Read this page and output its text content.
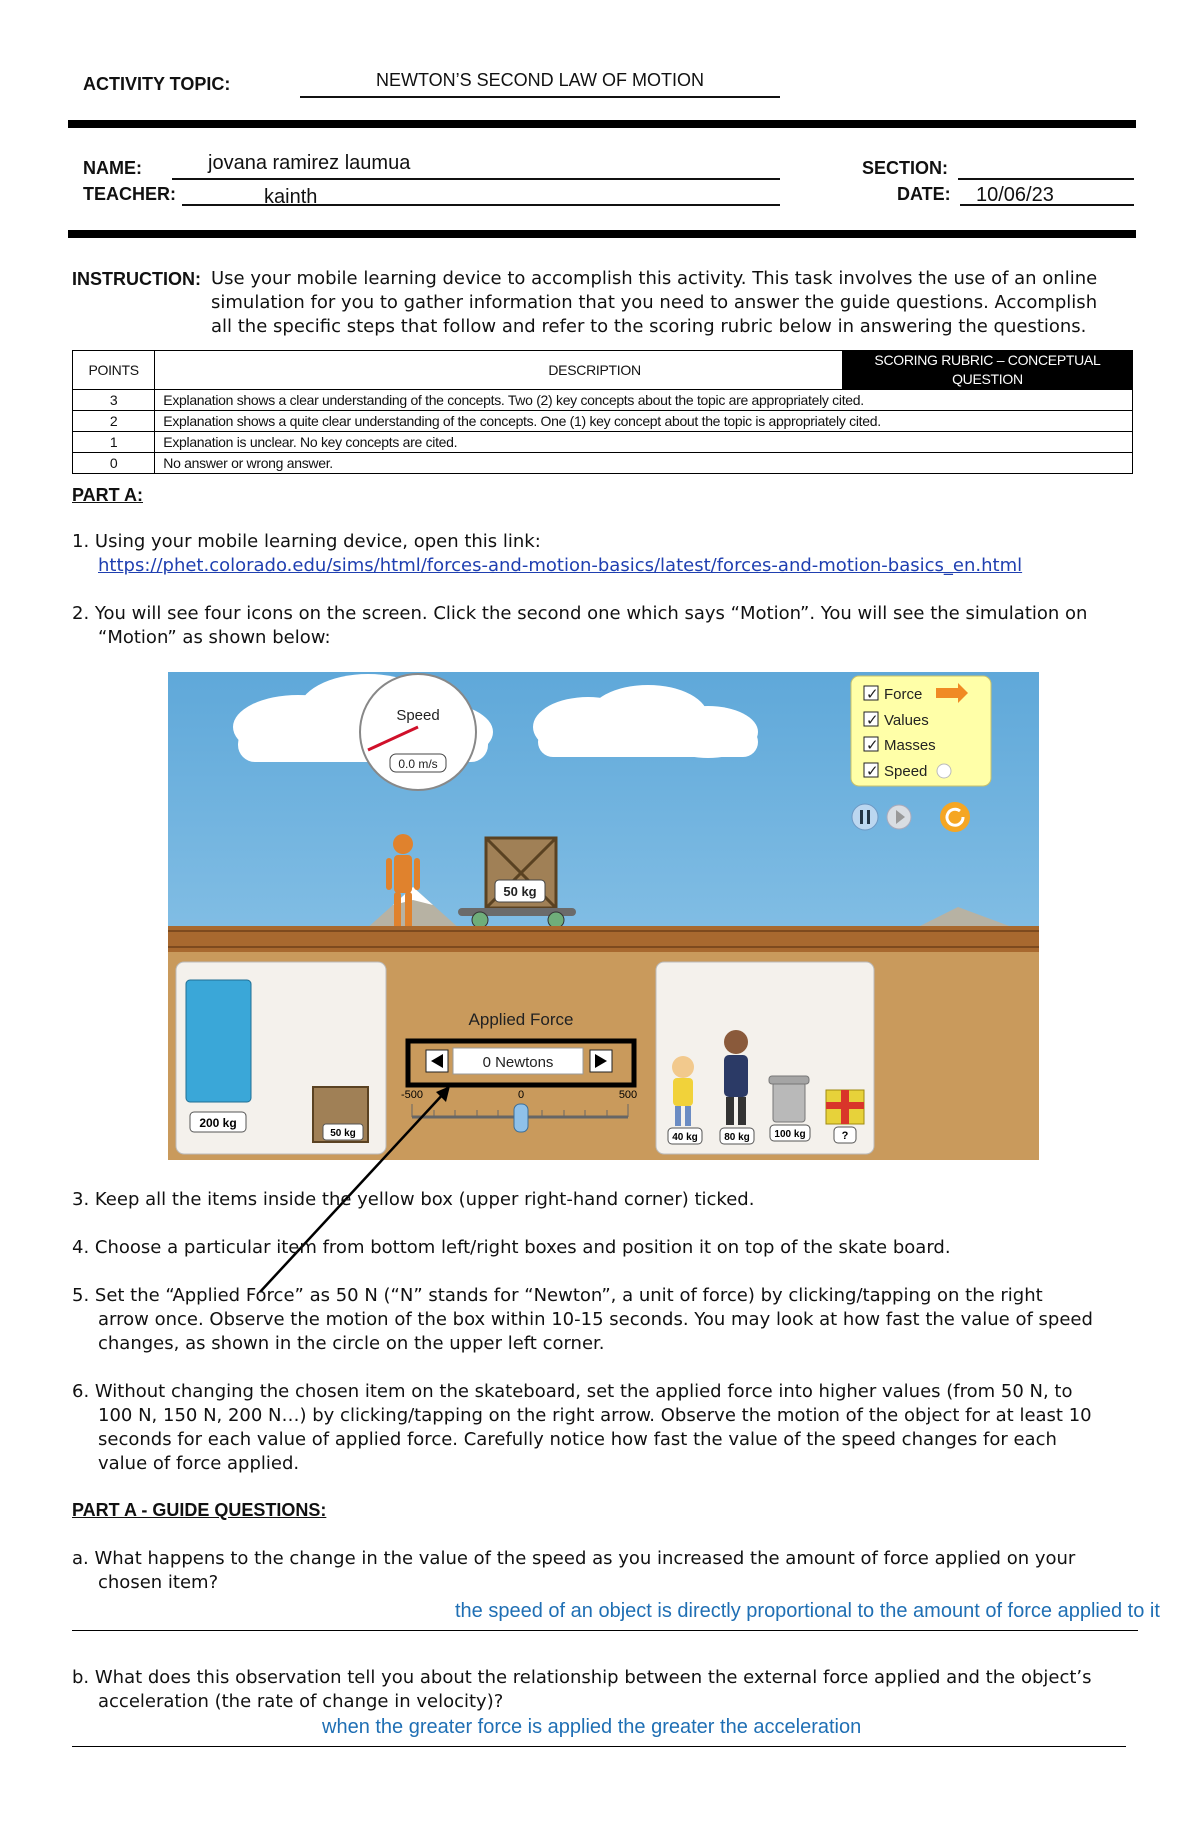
ACTIVITY TOPIC:	NEWTON’S SECOND LAW OF MOTION
NAME:	jovana ramirez laumua
TEACHER:	kainth
SECTION:
DATE: 10/06/23
INSTRUCTION: Use your mobile learning device to accomplish this activity. This task involves the use of an online
simulation for you to gather information that you need to answer the guide questions. Accomplish
all the specific steps that follow and refer to the scoring rubric below in answering the questions.
POINTS	DESCRIPTION	SCORING RUBRIC – CONCEPTUAL QUESTION
3	Explanation shows a clear understanding of the concepts. Two (2) key concepts about the topic are appropriately cited.	
2	Explanation shows a quite clear understanding of the concepts. One (1) key concept about the topic is appropriately cited.	
1	Explanation is unclear. No key concepts are cited.	
0	No answer or wrong answer.	
PART A:
1. Using your mobile learning device, open this link:
https://phet.colorado.edu/sims/html/forces-and-motion-basics/latest/forces-and-motion-basics_en.html
2. You will see four icons on the screen. Click the second one which says “Motion”. You will see the simulation on
“Motion” as shown below:
Speed
0.0 m/s
✓ Force
✓ Values
✓ Masses
✓ Speed
50 kg
200 kg
50 kg
Applied Force
0 Newtons
-500	0	500
40 kg	80 kg 100 kg	?
3. Keep all the items inside the yellow box (upper right-hand corner) ticked.
4. Choose a particular item from bottom left/right boxes and position it on top of the skate board.
5. Set the “Applied Force” as 50 N (“N” stands for “Newton”, a unit of force) by clicking/tapping on the right
arrow once. Observe the motion of the box within 10-15 seconds. You may look at how fast the value of speed
changes, as shown in the circle on the upper left corner.
6. Without changing the chosen item on the skateboard, set the applied force into higher values (from 50 N, to
100 N, 150 N, 200 N…) by clicking/tapping on the right arrow. Observe the motion of the object for at least 10
seconds for each value of applied force. Carefully notice how fast the value of the speed changes for each
value of force applied.
PART A - GUIDE QUESTIONS:
a. What happens to the change in the value of the speed as you increased the amount of force applied on your
chosen item?
the speed of an object is directly proportional to the amount of force applied to it
b. What does this observation tell you about the relationship between the external force applied and the object’s
acceleration (the rate of change in velocity)?
when the greater force is applied the greater the acceleration
